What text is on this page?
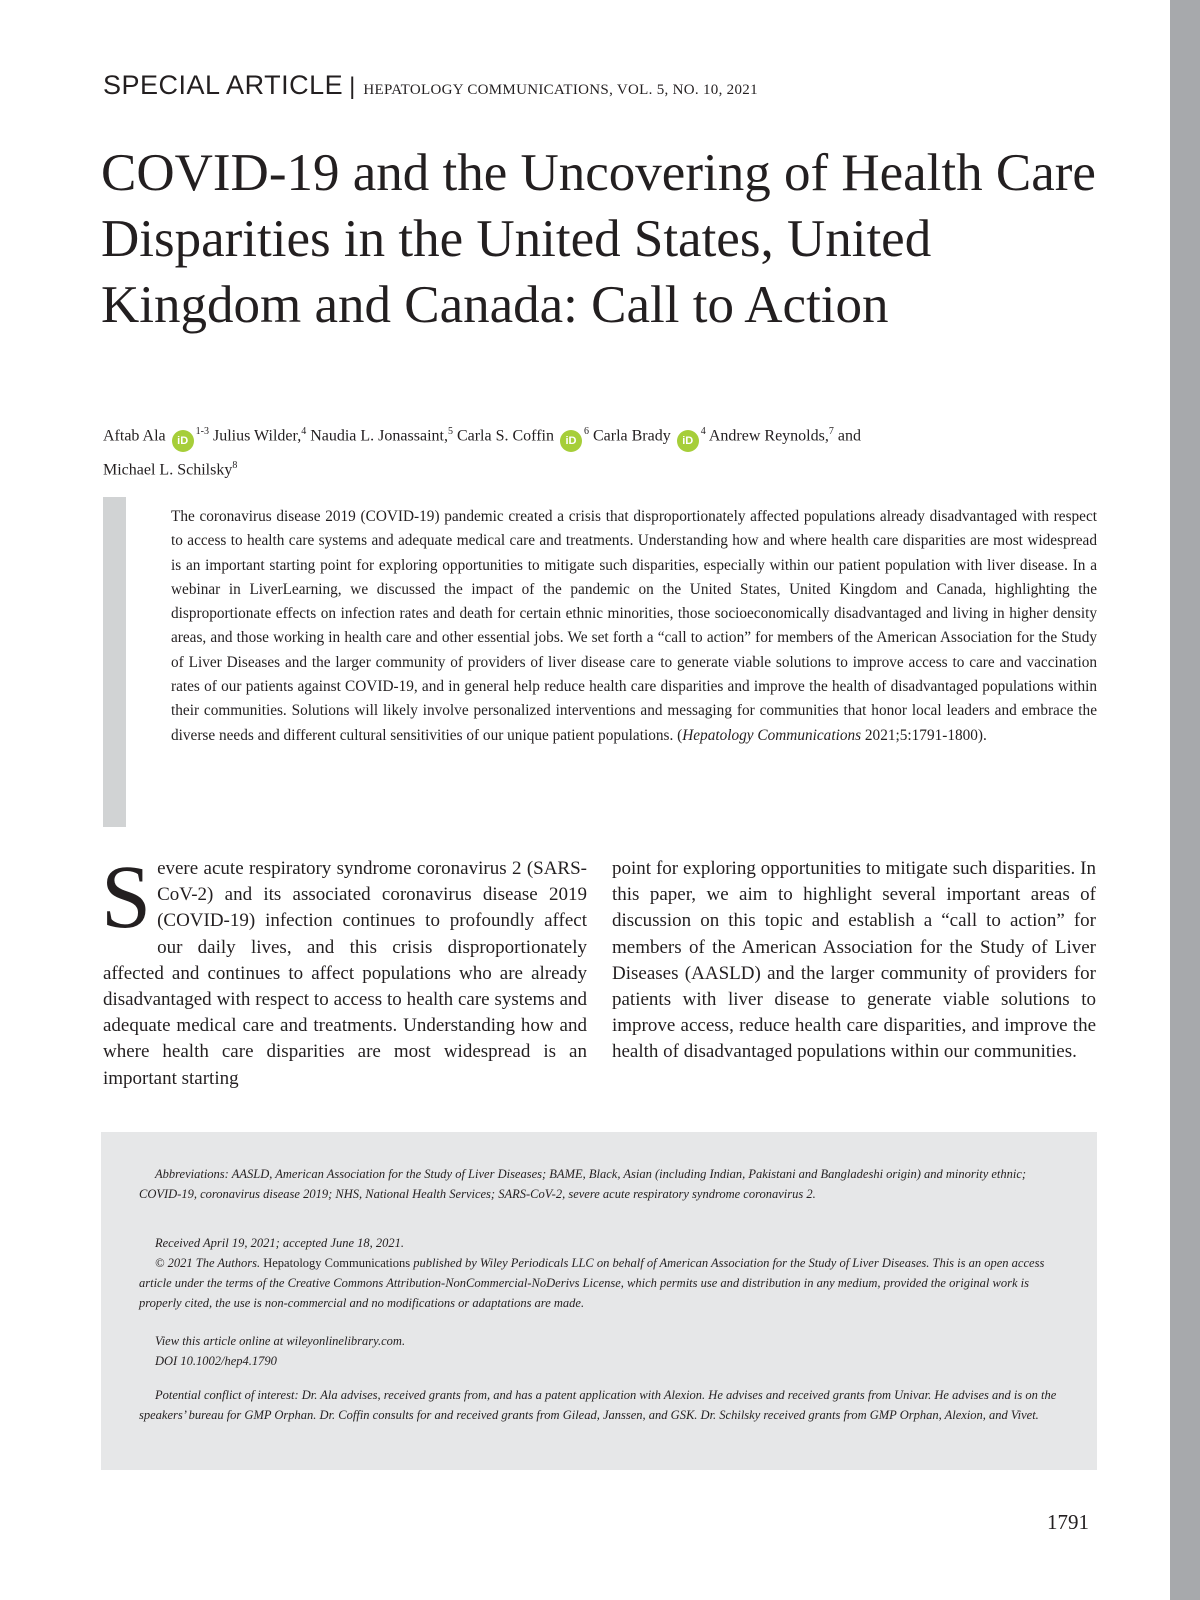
SPECIAL ARTICLE | HEPATOLOGY COMMUNICATIONS, VOL. 5, NO. 10, 2021
COVID-19 and the Uncovering of Health Care Disparities in the United States, United Kingdom and Canada: Call to Action
Aftab Ala $iD^{1-3}$ Julius Wilder,$^4$ Naudia L. Jonassaint,$^5$ Carla S. Coffin $iD^6$ Carla Brady $iD^4$ Andrew Reynolds,$^7$ and
Michael L. Schilsky$^8$

The coronavirus disease 2019 (COVID-19) pandemic created a crisis that disproportionately affected populations already disadvantaged with respect to access to health care systems and adequate medical care and treatments. Understanding how and where health care disparities are most widespread is an important starting point for exploring opportunities to mitigate such disparities, especially within our patient population with liver disease. In a webinar in LiverLearning, we discussed the impact of the pandemic on the United States, United Kingdom and Canada, highlighting the disproportionate effects on infection rates and death for certain ethnic minorities, those socioeconomically disadvantaged and living in higher density areas, and those working in health care and other essential jobs. We set forth a “call to action” for members of the American Association for the Study of Liver Diseases and the larger community of providers of liver disease care to generate viable solutions to improve access to care and vaccination rates of our patients against COVID-19, and in general help reduce health care disparities and improve the health of disadvantaged populations within their communities. Solutions will likely involve personalized interventions and messaging for communities that honor local leaders and embrace the diverse needs and different cultural sensitivities of our unique patient populations. (Hepatology Communications 2021;5:1791-1800).

Severe acute respiratory syndrome coronavirus 2 (SARS-CoV-2) and its associated coronavirus disease 2019 (COVID-19) infection continues to profoundly affect our daily lives, and this crisis disproportionately affected and continues to affect populations who are already disadvantaged with respect to access to health care systems and adequate medical care and treatments. Understanding how and where health care disparities are most widespread is an important starting

point for exploring opportunities to mitigate such disparities. In this paper, we aim to highlight several important areas of discussion on this topic and establish a “call to action” for members of the American Association for the Study of Liver Diseases (AASLD) and the larger community of providers for patients with liver disease to generate viable solutions to improve access, reduce health care disparities, and improve the health of disadvantaged populations within our communities.

Abbreviations: AASLD, American Association for the Study of Liver Diseases; BAME, Black, Asian (including Indian, Pakistani and Bangladeshi origin) and minority ethnic; COVID-19, coronavirus disease 2019; NHS, National Health Services; SARS-CoV-2, severe acute respiratory syndrome coronavirus 2.

Received April 19, 2021; accepted June 18, 2021.

© 2021 The Authors. Hepatology Communications published by Wiley Periodicals LLC on behalf of American Association for the Study of Liver Diseases. This is an open access article under the terms of the Creative Commons Attribution-NonCommercial-NoDerivs License, which permits use and distribution in any medium, provided the original work is properly cited, the use is non-commercial and no modifications or adaptations are made.

View this article online at wileyonlinelibrary.com.

DOI 10.1002/hep4.1790

Potential conflict of interest: Dr. Ala advises, received grants from, and has a patent application with Alexion. He advises and received grants from Univar. He advises and is on the speakers’ bureau for GMP Orphan. Dr. Coffin consults for and received grants from Gilead, Janssen, and GSK. Dr. Schilsky received grants from GMP Orphan, Alexion, and Vivet.

1791
